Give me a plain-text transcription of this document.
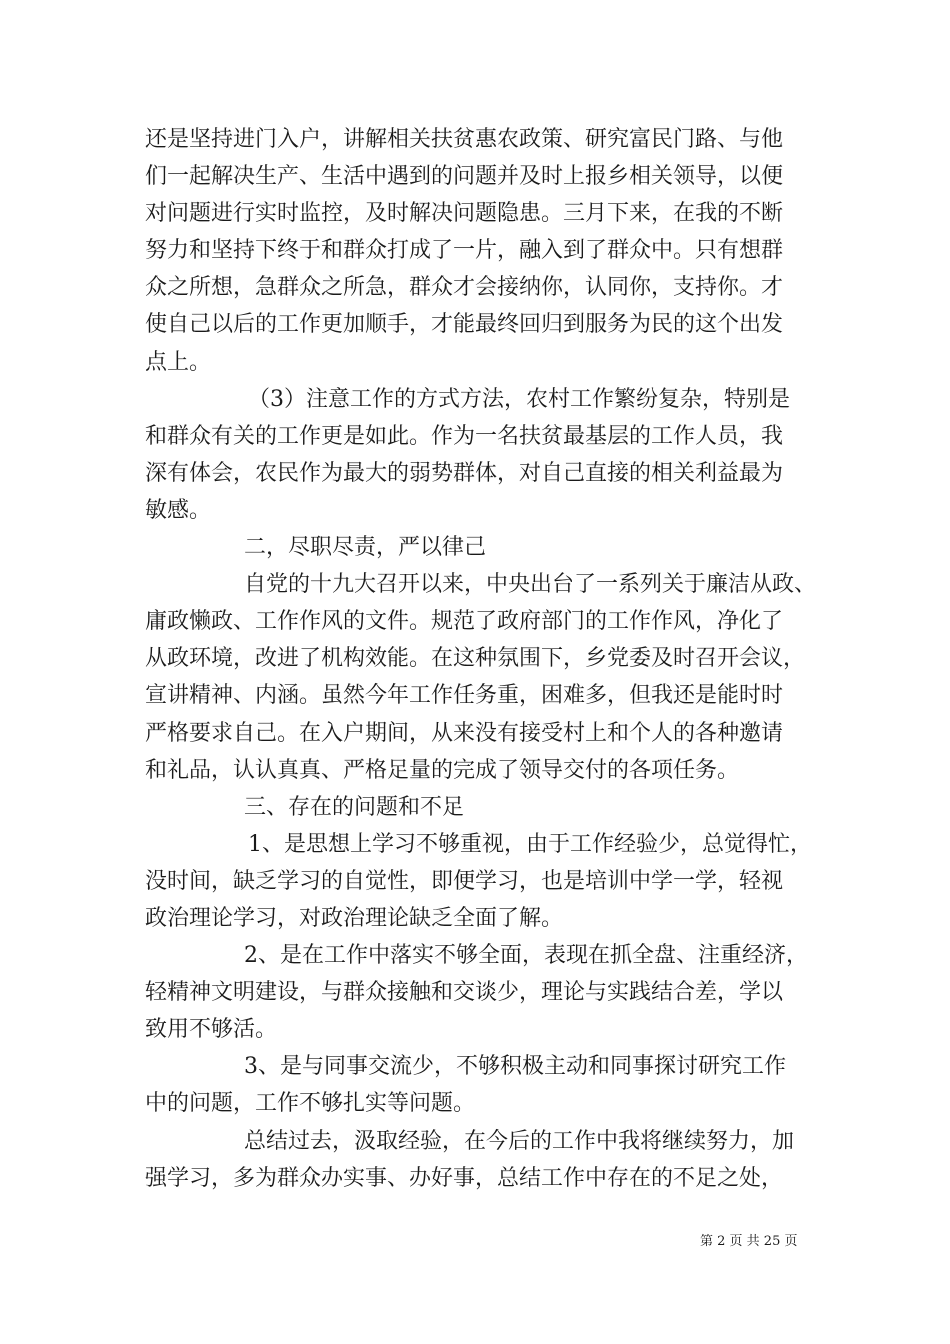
还是坚持进门入户，讲解相关扶贫惠农政策、研究富民门路、与他
们一起解决生产、生活中遇到的问题并及时上报乡相关领导，以便
对问题进行实时监控，及时解决问题隐患。三月下来，在我的不断
努力和坚持下终于和群众打成了一片，融入到了群众中。只有想群
众之所想，急群众之所急，群众才会接纳你，认同你，支持你。才
使自己以后的工作更加顺手，才能最终回归到服务为民的这个出发
点上。
（3）注意工作的方式方法，农村工作繁纷复杂，特别是
和群众有关的工作更是如此。作为一名扶贫最基层的工作人员，我
深有体会，农民作为最大的弱势群体，对自己直接的相关利益最为
敏感。
二，尽职尽责，严以律己
自党的十九大召开以来，中央出台了一系列关于廉洁从政、
庸政懒政、工作作风的文件。规范了政府部门的工作作风，净化了
从政环境，改进了机构效能。在这种氛围下，乡党委及时召开会议，
宣讲精神、内涵。虽然今年工作任务重，困难多，但我还是能时时
严格要求自己。在入户期间，从来没有接受村上和个人的各种邀请
和礼品，认认真真、严格足量的完成了领导交付的各项任务。
三、存在的问题和不足
1、是思想上学习不够重视，由于工作经验少，总觉得忙，
没时间，缺乏学习的自觉性，即便学习，也是培训中学一学，轻视
政治理论学习，对政治理论缺乏全面了解。
2、是在工作中落实不够全面，表现在抓全盘、注重经济，
轻精神文明建设，与群众接触和交谈少，理论与实践结合差，学以
致用不够活。
3、是与同事交流少，不够积极主动和同事探讨研究工作
中的问题，工作不够扎实等问题。
总结过去，汲取经验，在今后的工作中我将继续努力，加
强学习，多为群众办实事、办好事，总结工作中存在的不足之处，
第 2 页 共 25 页
